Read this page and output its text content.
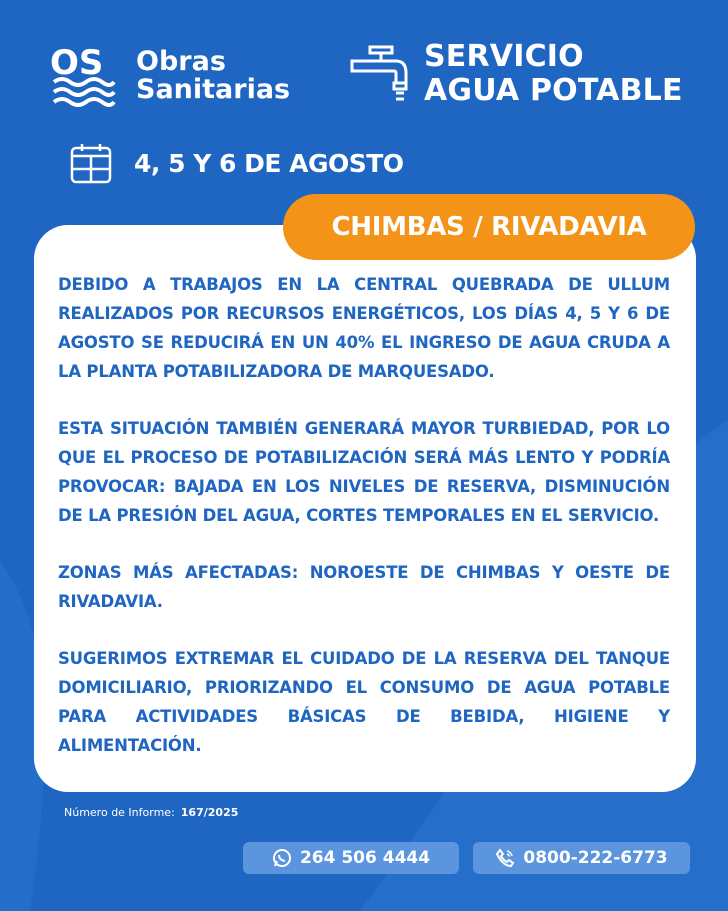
OS Obras
Sanitarias
SERVICIO
AGUA POTABLE
4, 5 Y 6 DE AGOSTO
CHIMBAS / RIVADAVIA

DEBIDO A TRABAJOS EN LA CENTRAL QUEBRADA DE ULLUM REALIZADOS POR RECURSOS ENERGÉTICOS, LOS DÍAS 4, 5 Y 6 DE AGOSTO SE REDUCIRÁ EN UN 40% EL INGRESO DE AGUA CRUDA A LA PLANTA POTABILIZADORA DE MARQUESADO.

ESTA SITUACIÓN TAMBIÉN GENERARÁ MAYOR TURBIEDAD, POR LO QUE EL PROCESO DE POTABILIZACIÓN SERÁ MÁS LENTO Y PODRÍA PROVOCAR: BAJADA EN LOS NIVELES DE RESERVA, DISMINUCIÓN DE LA PRESIÓN DEL AGUA, CORTES TEMPORALES EN EL SERVICIO.

ZONAS MÁS AFECTADAS: NOROESTE DE CHIMBAS Y OESTE DE RIVADAVIA.

SUGERIMOS EXTREMAR EL CUIDADO DE LA RESERVA DEL TANQUE DOMICILIARIO, PRIORIZANDO EL CONSUMO DE AGUA POTABLE PARA ACTIVIDADES BÁSICAS DE BEBIDA, HIGIENE Y ALIMENTACIÓN.

Número de Informe: 167/2025
264 506 4444	0800-222-6773
